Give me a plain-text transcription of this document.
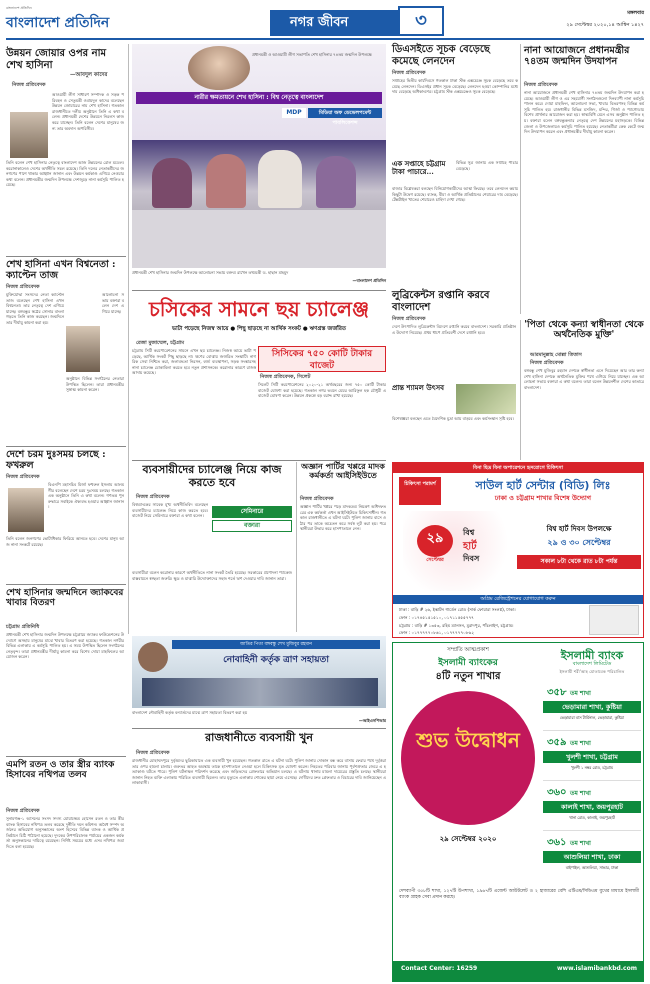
বাংলাদেশ প্রতিদিন
বাংলাদেশ প্রতিদিন	নগর জীবন	৩	মঙ্গলবার
২৯ সেপ্টেম্বর ২০২০,১৪ আশ্বিন ১৪২৭
উন্নয়ন জোয়ার ওপর নাম শেখ হাসিনা
—আবদুল কাদের
নিজস্ব প্রতিবেদক
আওয়ামী লীগ সাধারণ সম্পাদক ও সড়ক পরিবহন ও সেতুমন্ত্রী ওবায়দুল কাদের বলেছেন উন্নয়ন জোয়ারের নাম শেখ হাসিনা। গতকাল রাজধানীতে দলীয় অনুষ্ঠানে তিনি এ কথা বলেন। প্রধানমন্ত্রী দেশের উন্নয়নে নিরলস কাজ করে যাচ্ছেন। তিনি বলেন দেশের মানুষের জন্য তার অবদান অপরিসীম।
তিনি বলেন শেখ হাসিনার নেতৃত্বে বাংলাদেশ আজ উন্নয়নের রোল মডেল। করোনাকালেও দেশের অর্থনীতি সচল রয়েছে। তিনি দলের নেতাকর্মীদের জনগণের পাশে থাকার আহ্বান জানান এবং উন্নয়ন কর্মকাণ্ড এগিয়ে নেওয়ার কথা বলেন। প্রধানমন্ত্রীর জন্মদিন উপলক্ষে দেশজুড়ে নানা কর্মসূচি পালিত হয়েছে।
শেখ হাসিনা এখন বিশ্বনেতা : ক্যাপ্টেন তাজ
নিজস্ব প্রতিবেদক
মুক্তিযোদ্ধা সংসদের নেতা ক্যাপ্টেন তাজ বলেছেন শেখ হাসিনা এখন বিশ্বনেতা। তার নেতৃত্বে দেশ এগিয়ে যাচ্ছে। বঙ্গবন্ধুর স্বপ্নের সোনার বাংলা গড়তে তিনি কাজ করছেন। জন্মদিনে তার দীর্ঘায়ু কামনা করা হয়।
আলোচনা সভায় বক্তারা বলেন দেশ এগিয়ে যাচ্ছে।
অনুষ্ঠানে বিভিন্ন সংগঠনের নেতারা উপস্থিত ছিলেন। তারা প্রধানমন্ত্রীর সুস্বাস্থ্য কামনা করেন।
দেশে চরম দুঃসময় চলছে : ফখরুল
নিজস্ব প্রতিবেদক
বিএনপি মহাসচিব মির্জা ফখরুল ইসলাম আলমগীর বলেছেন দেশে চরম দুঃসময় চলছে। গতকাল এক অনুষ্ঠানে তিনি এ কথা বলেন। গণতন্ত্র পুনরুদ্ধারে সবাইকে ঐক্যবদ্ধ হওয়ার আহ্বান জানান।
তিনি বলেন জনগণের ভোটাধিকার ফিরিয়ে আনতে হবে। দেশের মানুষ আজ নানা সংকটে রয়েছে।
শেখ হাসিনার জন্মদিনে জ্যাকবের খাবার বিতরণ
চট্টগ্রাম প্রতিনিধি
প্রধানমন্ত্রী শেখ হাসিনার জন্মদিন উপলক্ষে চট্টগ্রামে জ্যাকব ফাউন্ডেশনের উদ্যোগে অসহায় মানুষের মাঝে খাবার বিতরণ করা হয়েছে। গতকাল নগরীর বিভিন্ন এলাকায় এ কর্মসূচি পালিত হয়। এ সময় উপস্থিত ছিলেন সংগঠনের নেতৃবৃন্দ। তারা প্রধানমন্ত্রীর দীর্ঘায়ু কামনা করে বিশেষ দোয়া মাহফিলের আয়োজন করেন।
এমপি রতন ও তার স্ত্রীর ব্যাংক হিসাবের নথিপত্র তলব
নিজস্ব প্রতিবেদক
সুনামগঞ্জ-১ আসনের সংসদ সদস্য মোয়াজ্জেম হোসেন রতন ও তার স্ত্রীর ব্যাংক হিসাবের নথিপত্র তলব করেছে দুর্নীতি দমন কমিশন। অবৈধ সম্পদ অর্জনের অভিযোগ অনুসন্ধানের অংশ হিসেবে বিভিন্ন ব্যাংক ও আর্থিক প্রতিষ্ঠানে চিঠি পাঠানো হয়েছে। দুদকের উপপরিচালক পর্যায়ের একজন কর্মকর্তা অনুসন্ধানের দায়িত্বে রয়েছেন। নির্দিষ্ট সময়ের মধ্যে এসব নথিপত্র জমা দিতে বলা হয়েছে।
প্রধানমন্ত্রী ও আওয়ামী লীগ সভাপতি শেখ হাসিনার ৭৪তম জন্মদিন উপলক্ষে
নারীর ক্ষমতায়নে শেখ হাসিনা : বিশ্ব নেতৃত্বে বাংলাদেশ
মিডিয়া অফ ডেভেলপমেন্ট পাবলিকেশন্স
MDP
প্রধানমন্ত্রী শেখ হাসিনার জন্মদিন উপলক্ষে আলোচনা সভায় বক্তব্য রাখেন তথ্যমন্ত্রী ড. হাছান মাহমুদ
—বাংলাদেশ প্রতিদিন
ডিএসইতে সূচক বেড়েছে কমেছে লেনদেন
নিজস্ব প্রতিবেদক
সপ্তাহের দ্বিতীয় কার্যদিবসে গতকাল ঢাকা স্টক এক্সচেঞ্জে সূচক বেড়েছে তবে কমেছে লেনদেন। ডিএসইর প্রধান সূচক বেড়েছে। লেনদেন হওয়া কোম্পানির মধ্যে দাম বেড়েছে অধিকাংশের। চট্টগ্রাম স্টক এক্সচেঞ্জেও সূচক বেড়েছে।
এক সপ্তাহে চট্টগ্রাম টাকা পাচারে...
বিভিন্ন সূত্র জানায় এক সপ্তাহে পাচার বেড়েছে।
বাজার বিশ্লেষকরা বলছেন বিনিয়োগকারীদের আস্থা ফিরছে। তবে লেনদেন কমায় কিছুটা উদ্বেগ রয়েছে। ব্যাংক, বীমা ও আর্থিক প্রতিষ্ঠানের শেয়ারের দাম বেড়েছে। টেক্সটাইল খাতের শেয়ারেও চাহিদা দেখা গেছে।
নানা আয়োজনে প্রধানমন্ত্রীর ৭৪তম জন্মদিন উদযাপন
নিজস্ব প্রতিবেদক
নানা আয়োজনে প্রধানমন্ত্রী শেখ হাসিনার ৭৪তম জন্মদিন উদযাপন করা হয়েছে। আওয়ামী লীগ ও এর সহযোগী সংগঠনগুলো দিনব্যাপী নানা কর্মসূচি পালন করে। দোয়া মাহফিল, আলোচনা সভা, খাবার বিতরণসহ বিভিন্ন কর্মসূচি পালিত হয়। রাজধানীর বিভিন্ন মসজিদ, মন্দির, গির্জা ও প্যাগোডায় বিশেষ প্রার্থনার আয়োজন করা হয়। স্বাস্থ্যবিধি মেনে এসব অনুষ্ঠান পালিত হয়। বক্তারা বলেন বঙ্গবন্ধুকন্যার নেতৃত্বে দেশ উন্নয়নের মহাসড়কে। বিভিন্ন জেলা ও উপজেলায়ও কর্মসূচি পালিত হয়েছে। নেতাকর্মীরা কেক কেটে জন্মদিন উদযাপন করেন এবং প্রধানমন্ত্রীর দীর্ঘায়ু কামনা করেন।
চসিকের সামনে ছয় চ্যালেঞ্জ
ভাটা পড়েছে নিজস্ব আয়ে ● পিছু ছাড়ছে না আর্থিক সংকট ● ঋণগ্রস্ত জর্জরিত
রেজা মুজাম্মেল, চট্টগ্রাম
চট্টগ্রাম সিটি করপোরেশনের সামনে এখন ছয় চ্যালেঞ্জ। নিজস্ব আয়ে ভাটা পড়েছে, আর্থিক সংকট পিছু ছাড়ছে না। ঋণের বোঝায় জর্জরিত সংস্থাটি। নাগরিক সেবা নিশ্চিত করা, জলাবদ্ধতা নিরসন, বর্জ্য ব্যবস্থাপনা, সড়ক সংস্কারসহ নানা চ্যালেঞ্জ মোকাবিলা করতে হবে নতুন প্রশাসনকে। করোনার কারণে রাজস্ব আদায় কমেছে।
সিসিকের ৭৫০ কোটি টাকার বাজেট
নিজস্ব প্রতিবেদক, সিলেট
সিলেট সিটি করপোরেশনের ২০২০-২১ অর্থবছরের জন্য ৭৫০ কোটি টাকার বাজেট ঘোষণা করা হয়েছে। গতকাল নগর ভবনে মেয়র আরিফুল হক চৌধুরী এ বাজেট ঘোষণা করেন। উন্নয়ন প্রকল্পে বড় বরাদ্দ রাখা হয়েছে।
লুব্রিকেন্টস রপ্তানি করবে বাংলাদেশ
নিজস্ব প্রতিবেদক
দেশে উৎপাদিত লুব্রিকেন্টস বিদেশে রপ্তানি করবে বাংলাদেশ। সরকারি প্রতিষ্ঠান এ উদ্যোগ নিয়েছে। প্রথম ধাপে প্রতিবেশী দেশে রপ্তানি হবে।
প্রান্ত শ্যামল উৎসব
বিশেষজ্ঞরা বলছেন এতে বৈদেশিক মুদ্রা আয় বাড়বে এবং কর্মসংস্থান সৃষ্টি হবে।
'পিতা থেকে কন্যা স্বাধীনতা থেকে অর্থনৈতিক মুক্তি'
আরমানুল্লাহ মোল্লা তিতাস
নিজস্ব প্রতিবেদক
বঙ্গবন্ধু শেখ মুজিবুর রহমান দেশকে স্বাধীনতা এনে দিয়েছেন আর তার কন্যা শেখ হাসিনা দেশকে অর্থনৈতিক মুক্তির পথে এগিয়ে নিয়ে যাচ্ছেন। এক আলোচনা সভায় বক্তারা এ কথা বলেন। তারা বলেন উন্নয়নশীল দেশের কাতারে বাংলাদেশ।
ব্যবসায়ীদের চ্যালেঞ্জ নিয়ে কাজ করতে হবে
অজ্ঞান পার্টির খপ্পরে মাদক কর্মকর্তা আইসিইউতে
নিজস্ব প্রতিবেদক
অজ্ঞান পার্টির খপ্পরে পড়ে মাদকদ্রব্য নিয়ন্ত্রণ অধিদফতরের এক কর্মকর্তা এখন আইসিইউতে চিকিৎসাধীন। গতকাল রাজধানীতে এ ঘটনা ঘটে। পুলিশ জানায় বাসে ওঠার পর তাকে অচেতন করে সর্বস্ব লুট করা হয়। পরে স্থানীয়রা উদ্ধার করে হাসপাতালে নেন।
নিজস্ব প্রতিবেদক
বিশ্বব্যাংকের সাবেক মুখ্য অর্থনীতিবিদ বলেছেন ব্যবসায়ীদের চ্যালেঞ্জ নিয়ে কাজ করতে হবে। বাজেট নিয়ে সেমিনারে বক্তারা এ কথা বলেন।
সেমিনারে
বক্তারা
ব্যবসায়ীরা বলেন করোনার কারণে অর্থনীতিতে নানা সংকট তৈরি হয়েছে। সরকারের প্রণোদনা প্যাকেজ বাস্তবায়নে স্বচ্ছতা জরুরি। ক্ষুদ্র ও মাঝারি উদ্যোক্তাদের সহজ শর্তে ঋণ দেওয়ার দাবি জানান তারা।
জাতির পিতা বঙ্গবন্ধু শেখ মুজিবুর রহমান
নোবাহিনী কর্তৃক ত্রাণ সহায়তা
বাংলাদেশ নৌবাহিনী কর্তৃক বন্যার্তদের মাঝে ত্রাণ সহায়তা বিতরণ করা হয়
—আইএসপিআর
রাজধানীতে ব্যবসায়ী খুন
নিজস্ব প্রতিবেদক
রাজধানীর মোহাম্মদপুরে দুর্বৃত্তদের ছুরিকাঘাতে এক ব্যবসায়ী খুন হয়েছেন। গতকাল রাতে এ ঘটনা ঘটে। পুলিশ জানায় দোকান বন্ধ করে বাসায় ফেরার পথে দুর্বৃত্তরা তার ওপর হামলা চালায়। গুরুতর আহত অবস্থায় তাকে হাসপাতালে নেওয়া হলে চিকিৎসক মৃত ঘোষণা করেন। নিহতের পরিবার জানায় পূর্বশত্রুতার জেরে এ হত্যাকাণ্ড ঘটতে পারে। পুলিশ ঘটনাস্থল পরিদর্শন করেছে এবং জড়িতদের গ্রেফতারে অভিযান চলছে। এ ঘটনায় থানায় মামলা দায়েরের প্রস্তুতি চলছে। স্থানীয়রা জানান নিহত ব্যক্তি এলাকায় পরিচিত ব্যবসায়ী ছিলেন। তার মৃত্যুতে এলাকায় শোকের ছায়া নেমে এসেছে। দোষীদের দ্রুত গ্রেফতার ও বিচারের দাবি জানিয়েছেন এলাকাবাসী।
বিনা ছিদ্র বিনা অপারেশনে হৃদরোগে চিকিৎসা
চিকিৎসা পরামর্শ	সাউল হার্ট সেন্টার (বিডি) লিঃ
ঢাকা ও চট্টগ্রাম শাখার বিশেষ উদ্যোগ
২৯
সেপ্টেম্বর
বিশ্ব
হার্ট
দিবস
বিশ্ব হার্ট দিবস উপলক্ষে
২৯ ও ৩০ সেপ্টেম্বর
সকাল ৮টা থেকে রাত ৮টা পর্যন্ত
অগ্রিম রেজিস্ট্রেশনের যোগাযোগ করুন
ঢাকা : বাড়ি # ২৬, ইস্কাটন গার্ডেন রোড (সার্ক ফোয়ারা সংলগ্ন), ঢাকা।
ফোন : ০১৭৪৫১৫১৫১০, ০১৭১১৫৫৫৭৭৭
চট্টগ্রাম : বাড়ি # ১৩৫৩, রহিম ম্যানসন, মুরাদপুর, পাঁচলাইশ, চট্টগ্রাম।
ফোন : ০১৭৭৭৭৭০৮৬১, ০১৭৭৭৭৭০৮৬২
সম্প্রতি আত্মপ্রকাশ
ইসলামী ব্যাংকের
৪টি নতুন শাখার
শুভ উদ্বোধন
২৯ সেপ্টেম্বর ২০২০
ইসলামী ব্যাংক
বাংলাদেশ লিমিটেড
ইসলামী শরী'আহ মোতাবেক পরিচালিত
৩৫৮ তম শাখা
ভেড়ামারা শাখা, কুষ্টিয়া
ভেড়ামারা বাস টার্মিনাল, ভেড়ামারা, কুষ্টিয়া
৩৫৯ তম শাখা
খুলশী শাখা, চট্টগ্রাম
খুলশী ১ নম্বর রোড, চট্টগ্রাম
৩৬০ তম শাখা
কালাই শাখা, জয়পুরহাট
থানা রোড, কালাই, জয়পুরহাট
৩৬১ তম শাখা
আশুলিয়া শাখা, ঢাকা
বাইপাইল, আশুলিয়া, সাভার, ঢাকা
দেশব্যাপী ৩৫৮টি শাখা, ১২৭টি উপশাখা, ১৯৬৭টি এজেন্ট আউটলেট ও ২ হাজারের বেশি এটিএম/সিডিএম বুথের মাধ্যমে ইসলামী ব্যাংক গ্রাহক সেবা প্রদান করছে।
Contact Center: 16259	www.islamibankbd.com
